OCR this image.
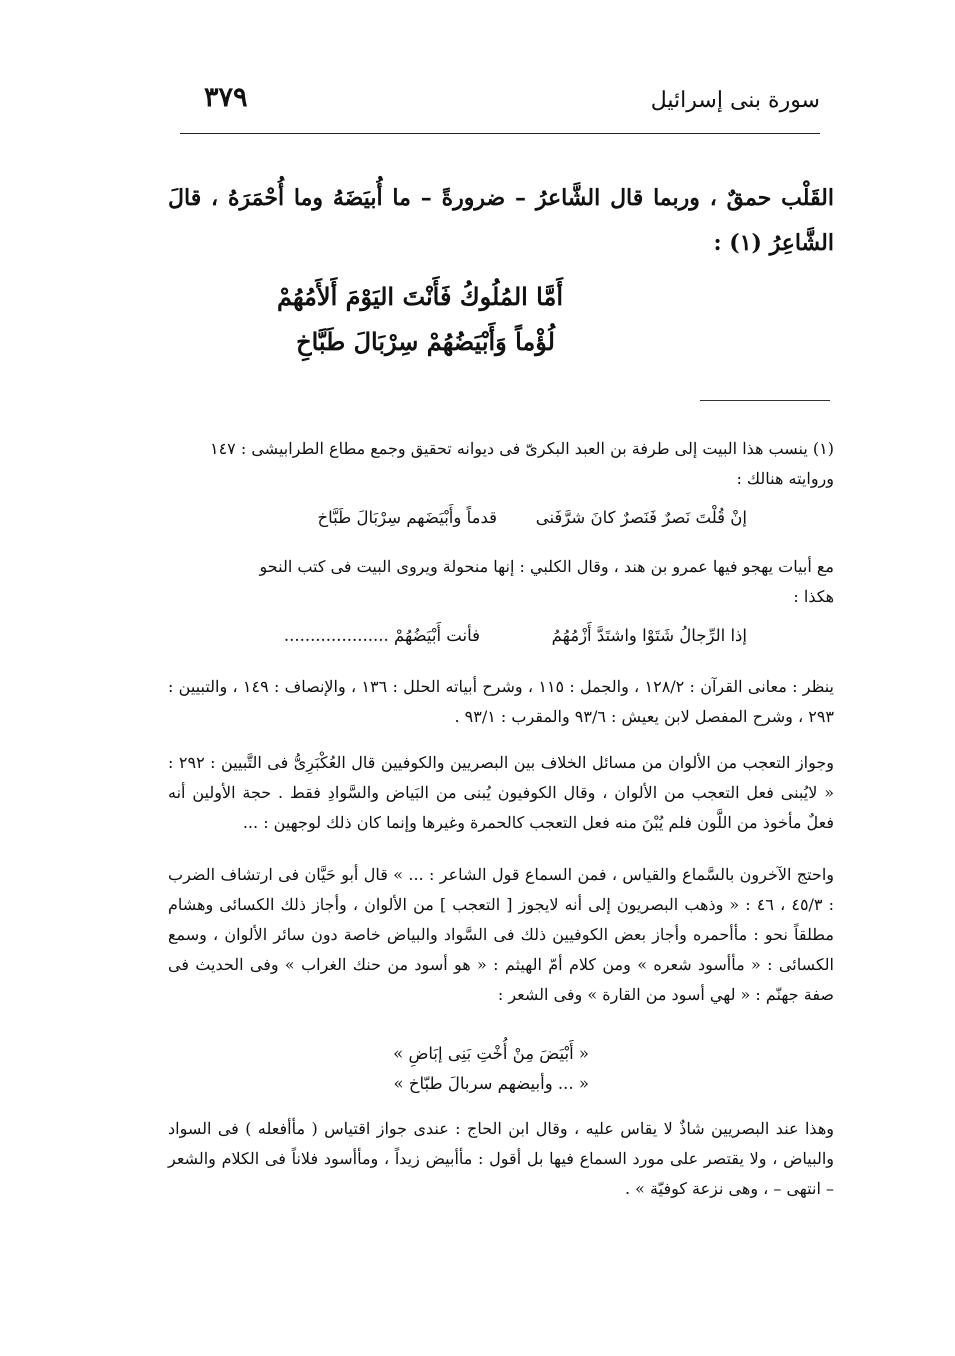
سورة بنى إسرائيل
٣٧٩
القَلْب حمقٌ ، وربما قال الشَّاعرُ – ضرورةً – ما أُبيَضَهُ وما أُحْمَرَهُ ، قالَ الشَّاعِرُ (١) :
أَمَّا المُلُوكُ فَأَنْتَ اليَوْمَ أَلأَمُهُمْ
لُؤْماً وَأَبْيَضُهُمْ سِرْبَالَ طَبَّاخِ
(١) ينسب هذا البيت إلى طرفة بن العبد البكرىّ فى ديوانه تحقيق وجمع مطاع الطرابيشى : ١٤٧
وروايته هنالك :
إنْ قُلْتَ نَصرٌ فَنَصرٌ كانَ شرَّفَنى
قدماً وأَبْيَضَهم سِرْبَالَ طَبَّاخ
مع أبيات يهجو فيها عمرو بن هند ، وقال الكلبي : إنها منحولة ويروى البيت فى كتب النحو
هكذا :
إذا الرِّجالُ شَتَوْا واشتَدَّ أَزْمُهُمُ
فأنت أَبْيَضُهُمْ ....................
ينظر : معانى القرآن : ١٢٨/٢ ، والجمل : ١١٥ ، وشرح أبياته الحلل : ١٣٦ ، والإنصاف : ١٤٩ ، والتبيين : ٢٩٣ ، وشرح المفصل لابن يعيش : ٩٣/٦ والمقرب : ٩٣/١ .
وجواز التعجب من الألوان من مسائل الخلاف بين البصريين والكوفيين قال العُكْبَرِىُّ فى التَّبيين : ٢٩٢ : « لايُبنى فعل التعجب من الألوان ، وقال الكوفيون يُبنى من البَياض والسَّوادِ فقط . حجة الأولين أنه فعلٌ مأخوذ من اللَّون فلم يُبْنَ منه فعل التعجب كالحمرة وغيرها وإنما كان ذلك لوجهين : ...
واحتج الآخرون بالسَّماع والقياس ، فمن السماع قول الشاعر : ... » قال أبو حَيَّان فى ارتشاف الضرب : ٤٥/٣ ، ٤٦ : « وذهب البصريون إلى أنه لايجوز [ التعجب ] من الألوان ، وأجاز ذلك الكسائى وهشام مطلقاً نحو : مأأحمره وأجاز بعض الكوفيين ذلك فى السَّواد والبياض خاصة دون سائر الألوان ، وسمع الكسائى : « مأأسود شعره » ومن كلام أمّ الهيثم : « هو أسود من حنك الغراب » وفى الحديث فى صفة جهنّم : « لهي أسود من القارة » وفى الشعر :
« أَبْيَضَ مِنْ أُخْتِ بَنِى إبَاضِ »
« ... وأبيضهم سربالَ طبّاخ »
وهذا عند البصريين شاذٌ لا يقاس عليه ، وقال ابن الحاج : عندى جواز اقتياس ( مأأفعله ) فى السواد والبياض ، ولا يقتصر على مورد السماع فيها بل أقول : مأأبيض زيداً ، ومأأسود فلاناً فى الكلام والشعر – انتهى – ، وهى نزعة كوفيّة » .
